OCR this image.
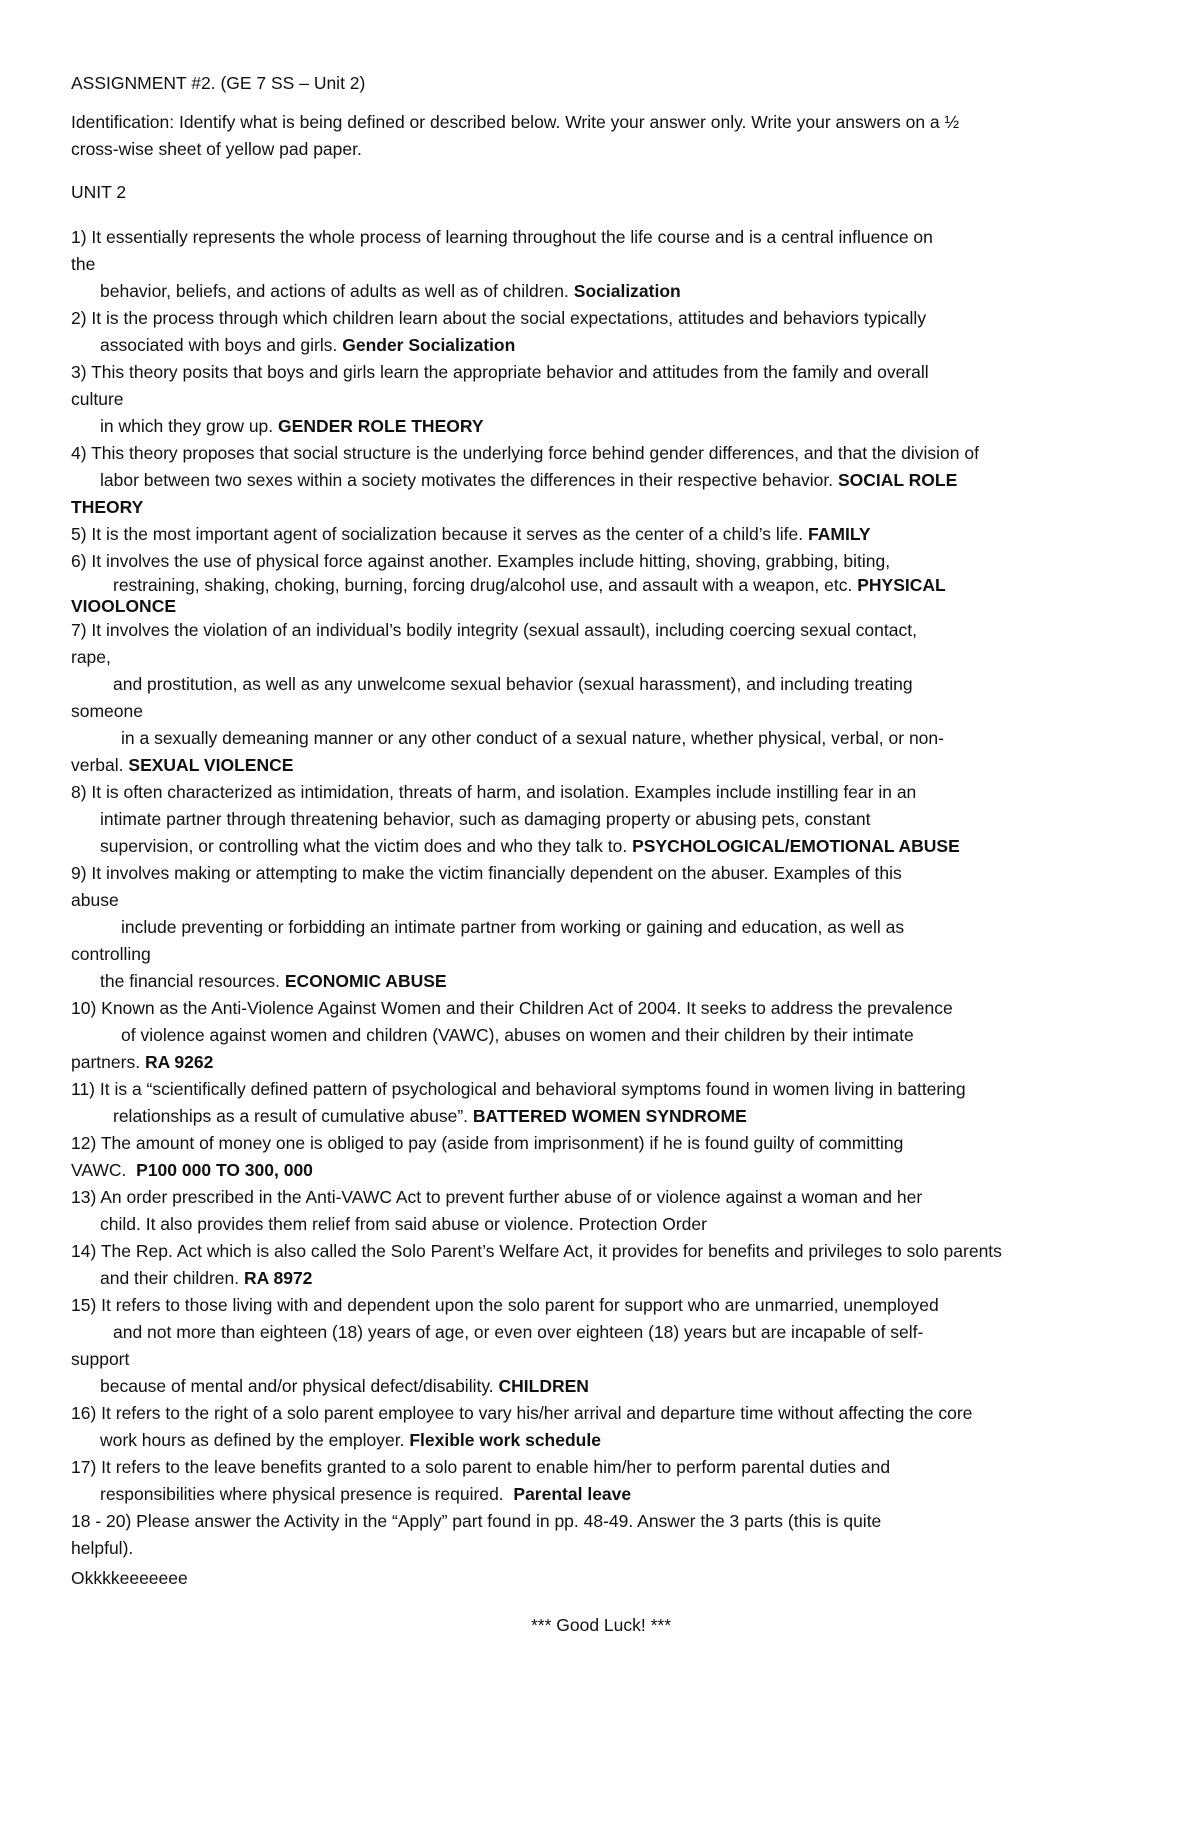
ASSIGNMENT #2. (GE 7 SS – Unit 2)

Identification: Identify what is being defined or described below. Write your answer only. Write your answers on a ½
cross-wise sheet of yellow pad paper.

UNIT 2

1) It essentially represents the whole process of learning throughout the life course and is a central influence on
the
behavior, beliefs, and actions of adults as well as of children. Socialization
2) It is the process through which children learn about the social expectations, attitudes and behaviors typically
associated with boys and girls. Gender Socialization
3) This theory posits that boys and girls learn the appropriate behavior and attitudes from the family and overall
culture
in which they grow up. GENDER ROLE THEORY
4) This theory proposes that social structure is the underlying force behind gender differences, and that the division of
labor between two sexes within a society motivates the differences in their respective behavior. SOCIAL ROLE
THEORY
5) It is the most important agent of socialization because it serves as the center of a child’s life. FAMILY
6) It involves the use of physical force against another. Examples include hitting, shoving, grabbing, biting,
restraining, shaking, choking, burning, forcing drug/alcohol use, and assault with a weapon, etc. PHYSICAL
VIOOLONCE
7) It involves the violation of an individual’s bodily integrity (sexual assault), including coercing sexual contact,
rape,
and prostitution, as well as any unwelcome sexual behavior (sexual harassment), and including treating
someone
in a sexually demeaning manner or any other conduct of a sexual nature, whether physical, verbal, or non-
verbal. SEXUAL VIOLENCE
8) It is often characterized as intimidation, threats of harm, and isolation. Examples include instilling fear in an
intimate partner through threatening behavior, such as damaging property or abusing pets, constant
supervision, or controlling what the victim does and who they talk to. PSYCHOLOGICAL/EMOTIONAL ABUSE
9) It involves making or attempting to make the victim financially dependent on the abuser. Examples of this
abuse
include preventing or forbidding an intimate partner from working or gaining and education, as well as
controlling
the financial resources. ECONOMIC ABUSE
10) Known as the Anti-Violence Against Women and their Children Act of 2004. It seeks to address the prevalence
of violence against women and children (VAWC), abuses on women and their children by their intimate
partners. RA 9262
11) It is a “scientifically defined pattern of psychological and behavioral symptoms found in women living in battering
relationships as a result of cumulative abuse”. BATTERED WOMEN SYNDROME
12) The amount of money one is obliged to pay (aside from imprisonment) if he is found guilty of committing
VAWC. P100 000 TO 300, 000
13) An order prescribed in the Anti-VAWC Act to prevent further abuse of or violence against a woman and her
child. It also provides them relief from said abuse or violence. Protection Order
14) The Rep. Act which is also called the Solo Parent’s Welfare Act, it provides for benefits and privileges to solo parents
and their children. RA 8972
15) It refers to those living with and dependent upon the solo parent for support who are unmarried, unemployed
and not more than eighteen (18) years of age, or even over eighteen (18) years but are incapable of self-
support
because of mental and/or physical defect/disability. CHILDREN
16) It refers to the right of a solo parent employee to vary his/her arrival and departure time without affecting the core
work hours as defined by the employer. Flexible work schedule
17) It refers to the leave benefits granted to a solo parent to enable him/her to perform parental duties and
responsibilities where physical presence is required. Parental leave
18 - 20) Please answer the Activity in the “Apply” part found in pp. 48-49. Answer the 3 parts (this is quite
helpful).

Okkkkeeeeeee

*** Good Luck! ***
